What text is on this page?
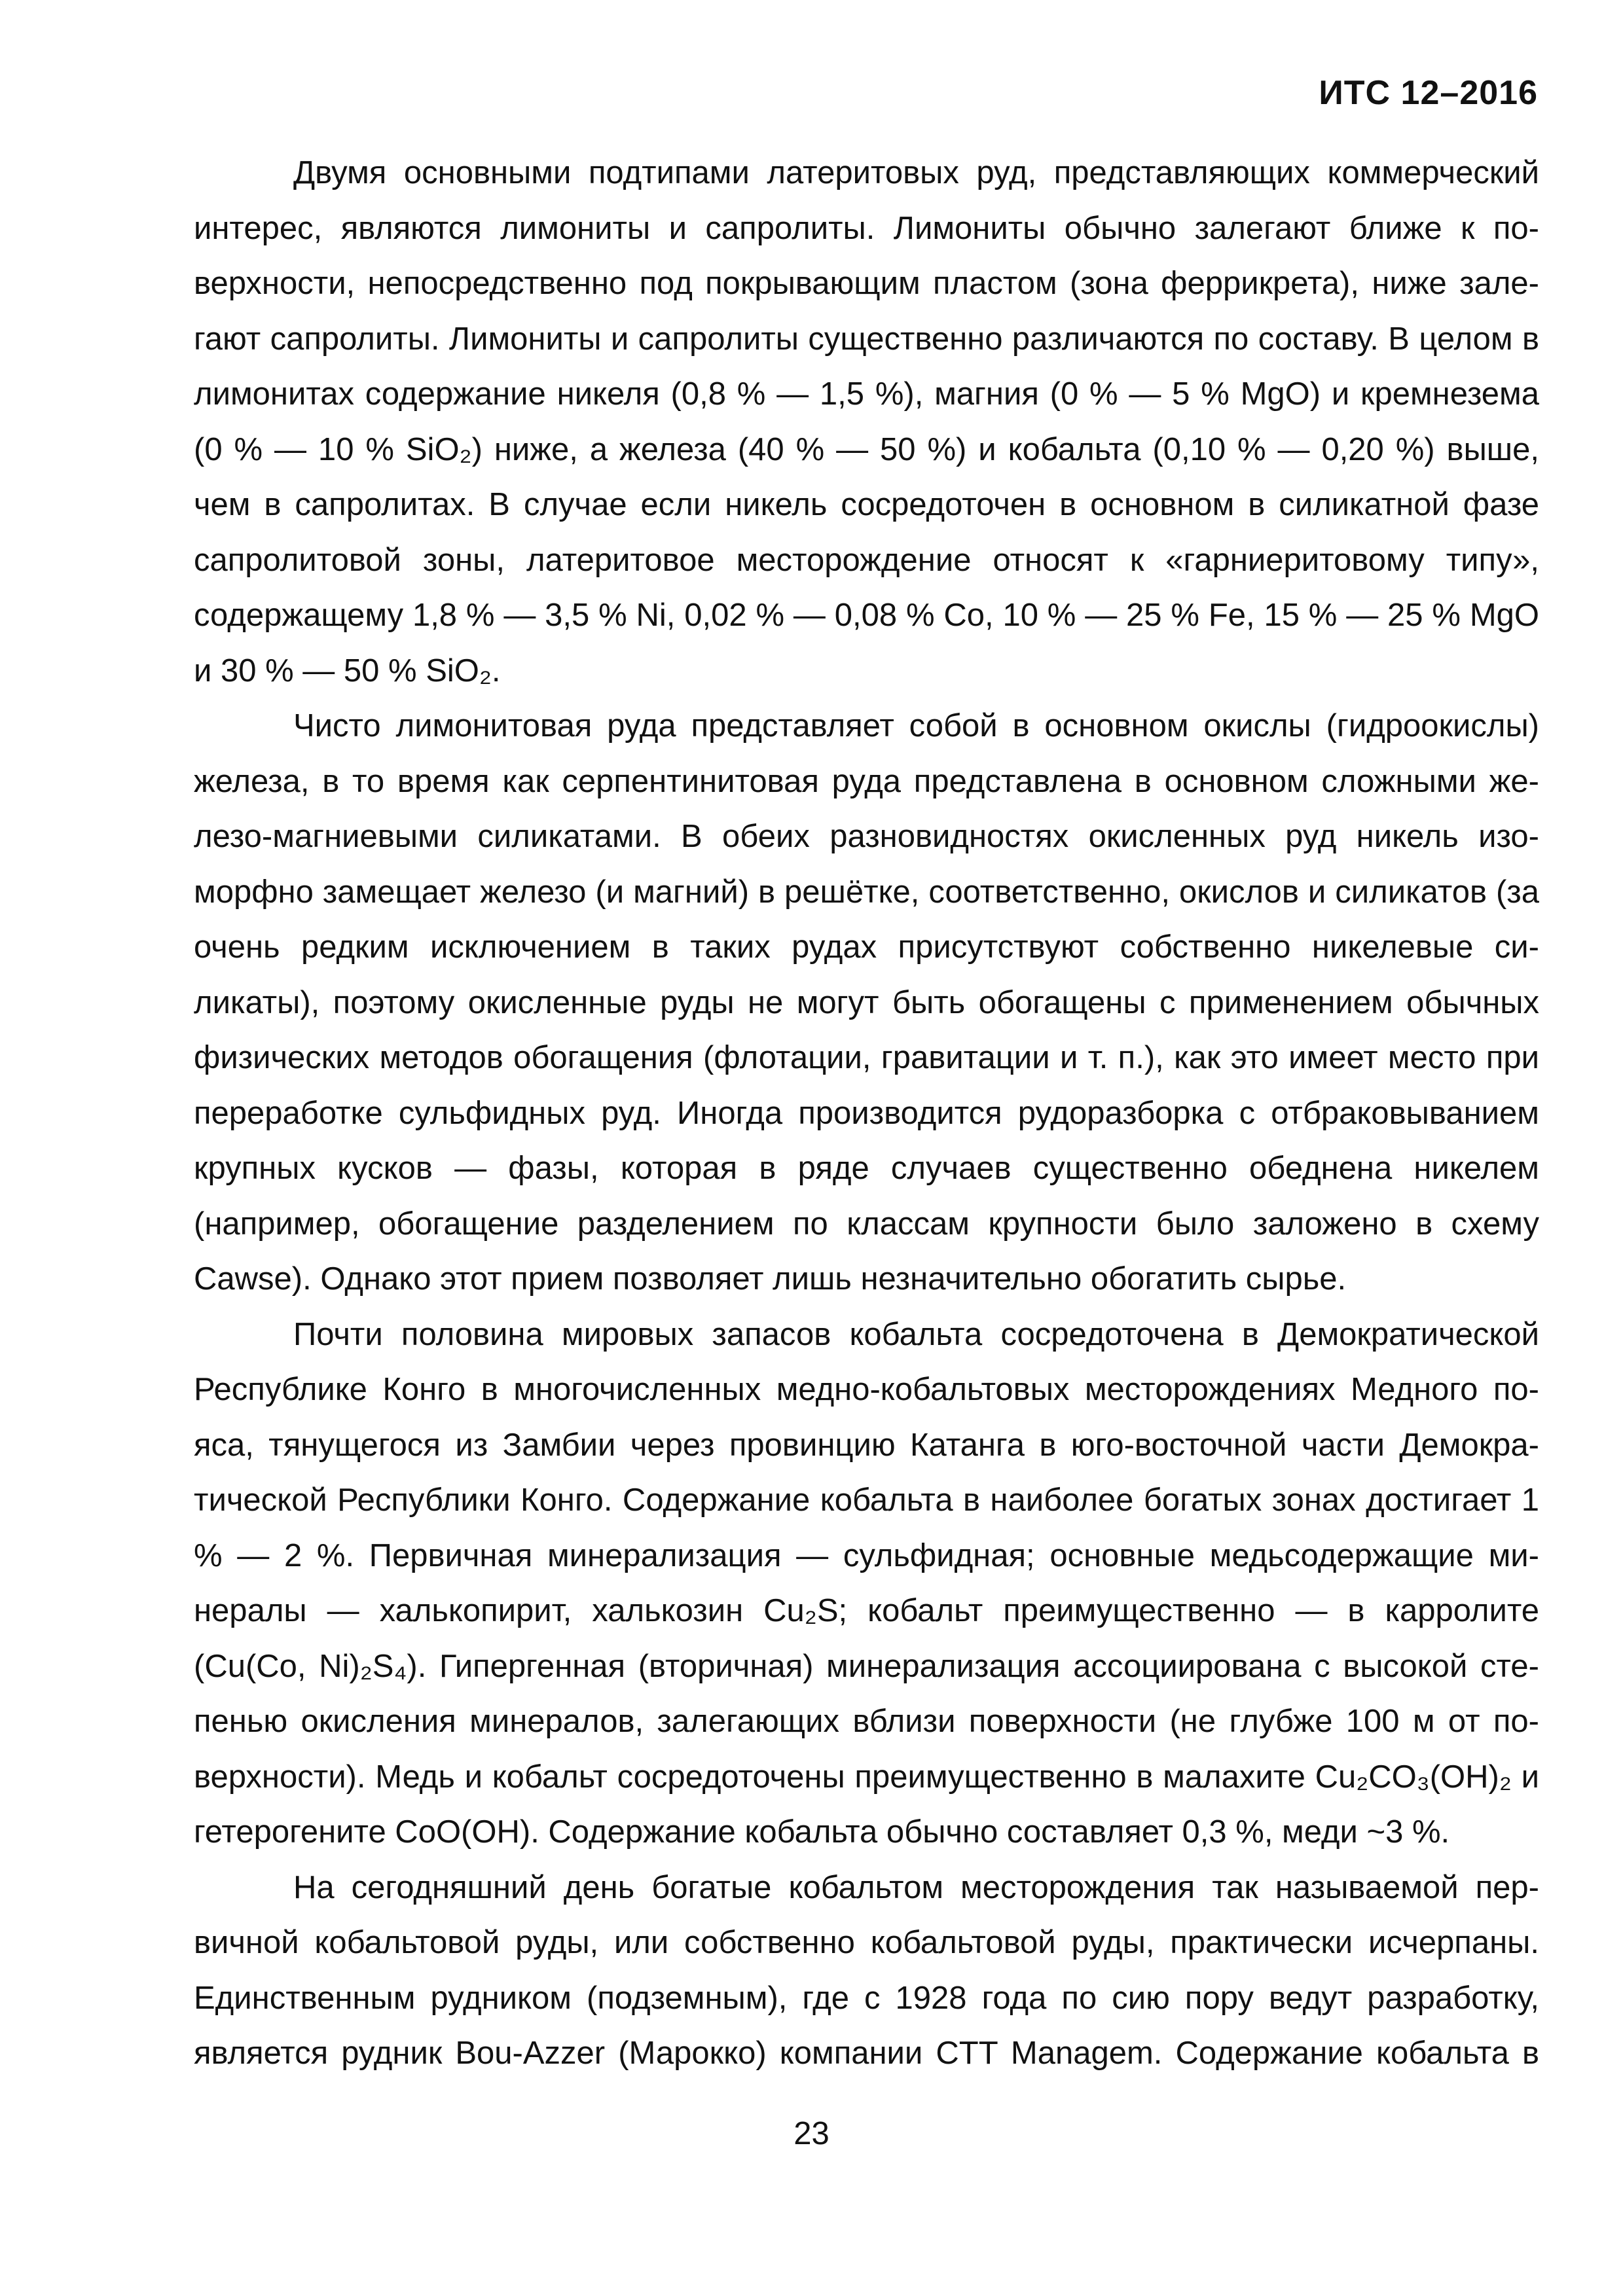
ИТС 12–2016

Двумя основными подтипами латеритовых руд, представляющих коммерческий интерес, являются лимониты и сапролиты. Лимониты обычно залегают ближе к поверхности, непосредственно под покрывающим пластом (зона феррикрета), ниже залегают сапролиты. Лимониты и сапролиты существенно различаются по составу. В целом в лимонитах содержание никеля (0,8 % — 1,5 %), магния (0 % — 5 % MgO) и кремнезема (0 % — 10 % SiO₂) ниже, а железа (40 % — 50 %) и кобальта (0,10 % — 0,20 %) выше, чем в сапролитах. В случае если никель сосредоточен в основном в силикатной фазе сапролитовой зоны, латеритовое месторождение относят к «гарниеритовому типу», содержащему 1,8 % — 3,5 % Ni, 0,02 % — 0,08 % Co, 10 % — 25 % Fe, 15 % — 25 % MgO и 30 % — 50 % SiO₂.

Чисто лимонитовая руда представляет собой в основном окислы (гидроокислы) железа, в то время как серпентинитовая руда представлена в основном сложными железо-магниевыми силикатами. В обеих разновидностях окисленных руд никель изоморфно замещает железо (и магний) в решётке, соответственно, окислов и силикатов (за очень редким исключением в таких рудах присутствуют собственно никелевые силикаты), поэтому окисленные руды не могут быть обогащены с применением обычных физических методов обогащения (флотации, гравитации и т. п.), как это имеет место при переработке сульфидных руд. Иногда производится рудоразборка с отбраковыванием крупных кусков — фазы, которая в ряде случаев существенно обеднена никелем (например, обогащение разделением по классам крупности было заложено в схему Cawse). Однако этот прием позволяет лишь незначительно обогатить сырье.

Почти половина мировых запасов кобальта сосредоточена в Демократической Республике Конго в многочисленных медно-кобальтовых месторождениях Медного пояса, тянущегося из Замбии через провинцию Катанга в юго-восточной части Демократической Республики Конго. Содержание кобальта в наиболее богатых зонах достигает 1 % — 2 %. Первичная минерализация — сульфидная; основные медьсодержащие минералы — халькопирит, халькозин Cu₂S; кобальт преимущественно — в карролите (Cu(Co, Ni)₂S₄). Гипергенная (вторичная) минерализация ассоциирована с высокой степенью окисления минералов, залегающих вблизи поверхности (не глубже 100 м от поверхности). Медь и кобальт сосредоточены преимущественно в малахите Cu₂CO₃(OH)₂ и гетерогените CoO(OH). Содержание кобальта обычно составляет 0,3 %, меди ~3 %.

На сегодняшний день богатые кобальтом месторождения так называемой первичной кобальтовой руды, или собственно кобальтовой руды, практически исчерпаны. Единственным рудником (подземным), где с 1928 года по сию пору ведут разработку, является рудник Bou-Azzer (Марокко) компании CTT Managem. Содержание кобальта в

23
